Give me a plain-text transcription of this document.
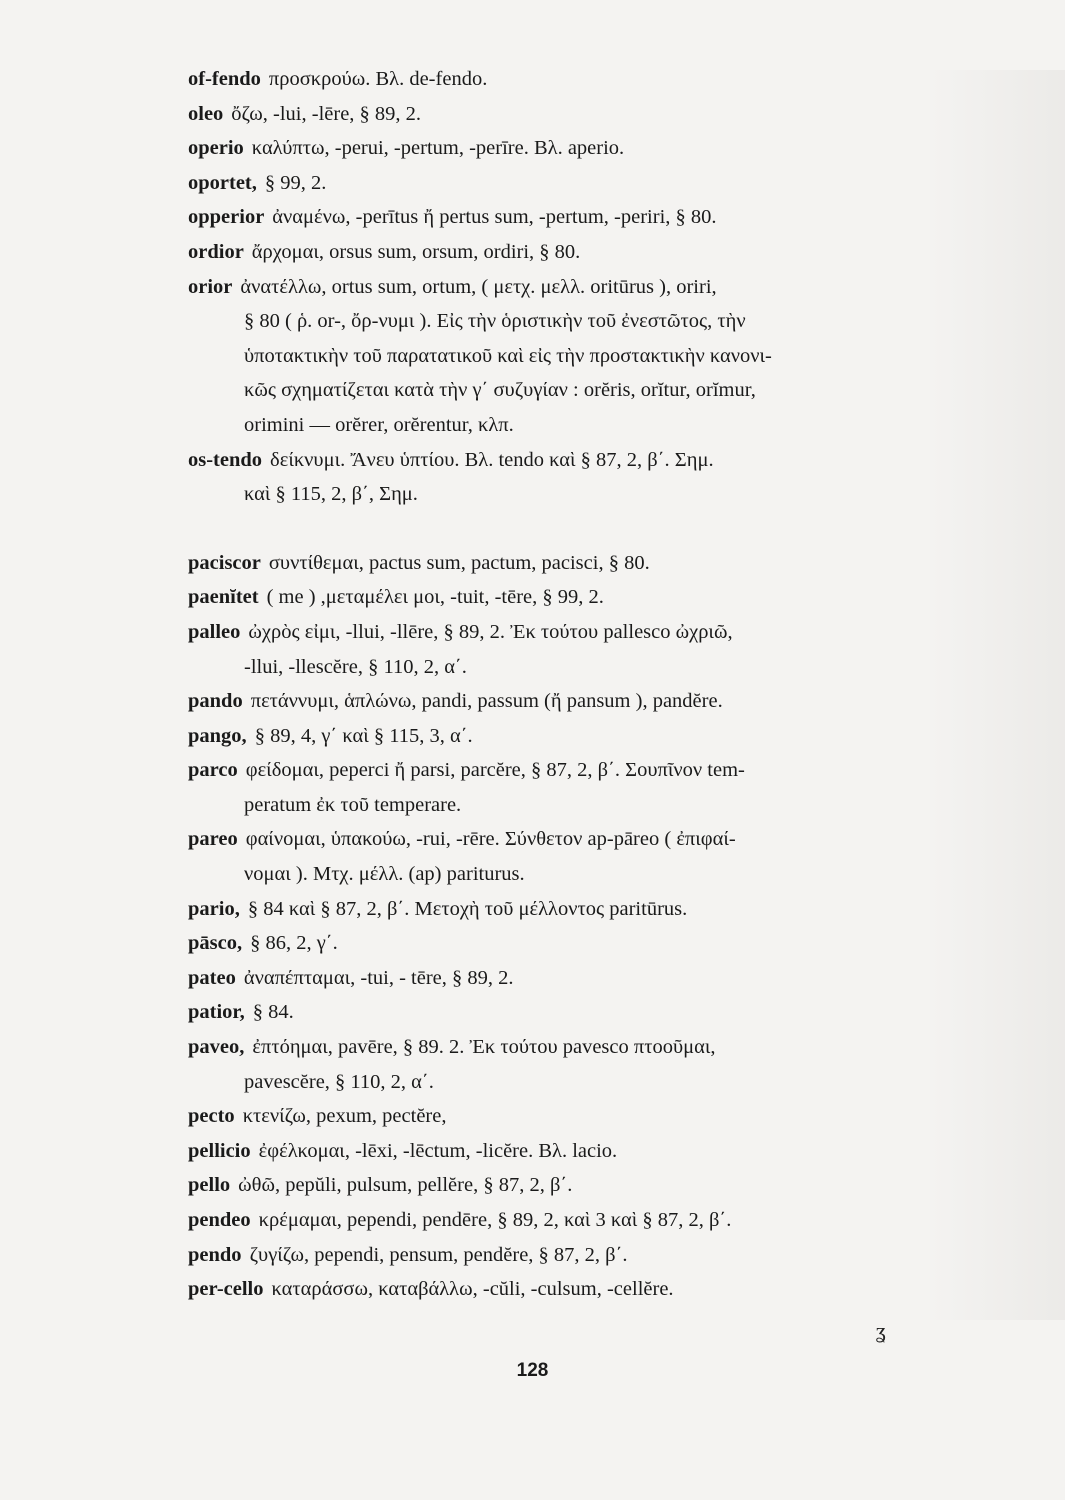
of-fendo προσκρούω. Βλ. de-fendo.
oleo ὄζω, -lui, -lēre, § 89, 2.
operio καλύπτω, -perui, -pertum, -perīre. Βλ. aperio.
oportet, § 99, 2.
opperior ἀναμένω, -perītus ἤ pertus sum, -pertum, -periri, § 80.
ordior ἄρχομαι, orsus sum, orsum, ordiri, § 80.
orior ἀνατέλλω, ortus sum, ortum, ( μετχ. μελλ. oritūrus ), oriri,
§ 80 ( ῥ. or-, ὄρ-νυμι ). Εἰς τὴν ὁριστικὴν τοῦ ἐνεστῶτος, τὴν
ὑποτακτικὴν τοῦ παρατατικοῦ καὶ εἰς τὴν προστακτικὴν κανονι-
κῶς σχηματίζεται κατὰ τὴν γ΄ συζυγίαν : orĕris, orĭtur, orĭmur,
orimini — orĕrer, orĕrentur, κλπ.
os-tendo δείκνυμι. Ἄνευ ὑπτίου. Βλ. tendo καὶ § 87, 2, β΄. Σημ.
καὶ § 115, 2, β΄, Σημ.
paciscor συντίθεμαι, pactus sum, pactum, pacisci, § 80.
paenĭtet ( me ) ,μεταμέλει μοι, -tuit, -tēre, § 99, 2.
palleo ὠχρὸς εἰμι, -llui, -llēre, § 89, 2. Ἐκ τούτου pallesco ὠχριῶ,
-llui, -llescĕre, § 110, 2, α΄.
pando πετάννυμι, ἁπλώνω, pandi, passum (ἤ pansum ), pandĕre.
pango, § 89, 4, γ΄ καὶ § 115, 3, α΄.
parco φείδομαι, peperci ἤ parsi, parcĕre, § 87, 2, β΄. Σουπῖνον tem-
peratum ἐκ τοῦ temperare.
pareo φαίνομαι, ὑπακούω, -rui, -rēre. Σύνθετον ap-pāreo ( ἐπιφαί-
νομαι ). Μτχ. μέλλ. (ap) pariturus.
pario, § 84 καὶ § 87, 2, β΄. Μετοχὴ τοῦ μέλλοντος paritūrus.
pāsco, § 86, 2, γ΄.
pateo ἀναπέπταμαι, -tui, - tēre, § 89, 2.
patior, § 84.
paveo, ἐπτόημαι, pavēre, § 89. 2. Ἐκ τούτου pavesco πτοοῦμαι,
pavescĕre, § 110, 2, α΄.
pecto κτενίζω, pexum, pectĕre,
pellicio ἐφέλκομαι, -lēxi, -lēctum, -licĕre. Βλ. lacio.
pello ὠθῶ, pepŭli, pulsum, pellĕre, § 87, 2, β΄.
pendeo κρέμαμαι, pependi, pendēre, § 89, 2, καὶ 3 καὶ § 87, 2, β΄.
pendo ζυγίζω, pependi, pensum, pendĕre, § 87, 2, β΄.
per-cello καταράσσω, καταβάλλω, -cŭli, -culsum, -cellĕre.
ʓ
128
